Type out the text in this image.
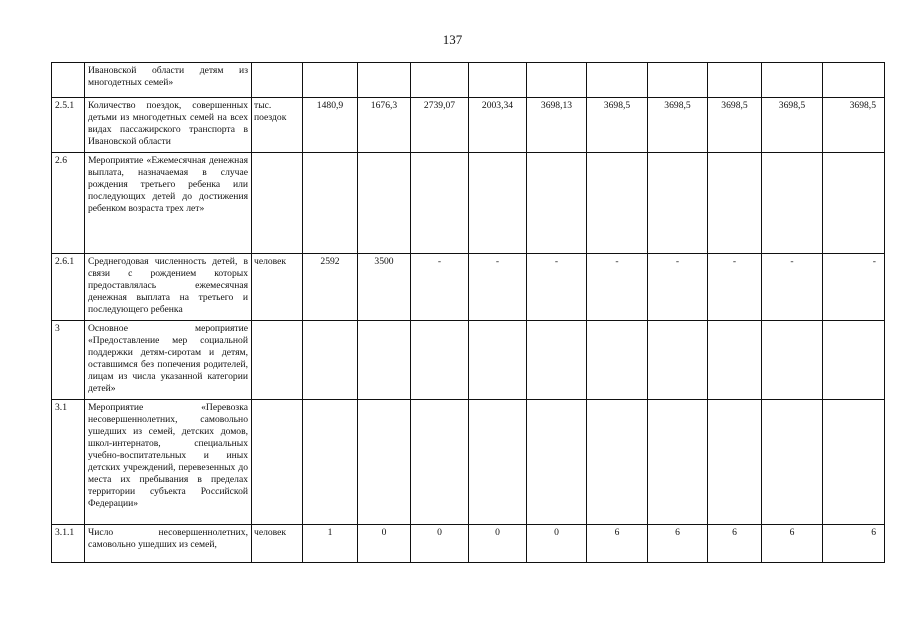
137
	Ивановской области детям из многодетных семей»											
2.5.1	Количество поездок, совершенных детьми из многодетных семей на всех видах пассажирского транспорта в Ивановской области	тыс. поездок	1480,9	1676,3	2739,07	2003,34	3698,13	3698,5	3698,5	3698,5	3698,5	3698,5
2.6	Мероприятие «Ежемесячная денежная выплата, назначаемая в случае рождения третьего ребенка или последующих детей до достижения ребенком возраста трех лет»											
2.6.1	Среднегодовая численность детей, в связи с рождением которых предоставлялась ежемесячная денежная выплата на третьего и последующего ребенка	человек	2592	3500	-	-	-	-	-	-	-	-
3	Основное мероприятие «Предоставление мер социальной поддержки детям-сиротам и детям, оставшимся без попечения родителей, лицам из числа указанной категории детей»											
3.1	Мероприятие «Перевозка несовершеннолетних, самовольно ушедших из семей, детских домов, школ-интернатов, специальных учебно-воспитательных и иных детских учреждений, перевезенных до места их пребывания в пределах территории субъекта Российской Федерации»											
3.1.1	Число несовершеннолетних, самовольно ушедших из семей,	человек	1	0	0	0	0	6	6	6	6	6
